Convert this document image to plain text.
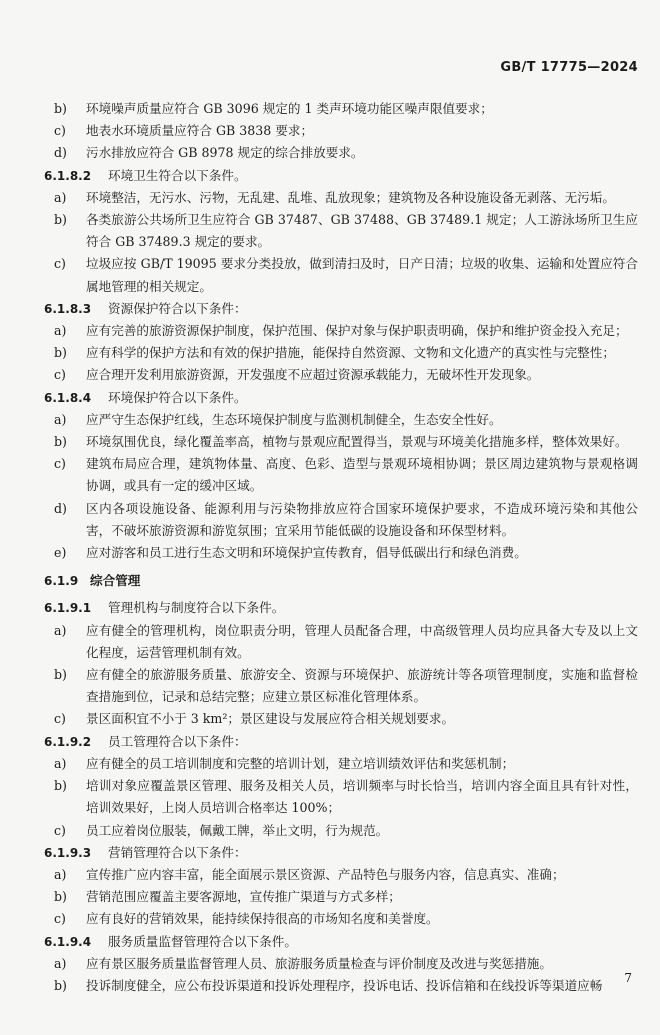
GB/T 17775—2024
b)	环境噪声质量应符合 GB 3096 规定的 1 类声环境功能区噪声限值要求；
c)	地表水环境质量应符合 GB 3838 要求；
d)	污水排放应符合 GB 8978 规定的综合排放要求。
6.1.8.2	环境卫生符合以下条件。
a)	环境整洁，无污水、污物，无乱建、乱堆、乱放现象；建筑物及各种设施设备无剥落、无污垢。
b)	各类旅游公共场所卫生应符合 GB 37487、GB 37488、GB 37489.1 规定；人工游泳场所卫生应符合 GB 37489.3 规定的要求。
c)	垃圾应按 GB/T 19095 要求分类投放，做到清扫及时，日产日清；垃圾的收集、运输和处置应符合属地管理的相关规定。
6.1.8.3	资源保护符合以下条件：
a)	应有完善的旅游资源保护制度，保护范围、保护对象与保护职责明确，保护和维护资金投入充足；
b)	应有科学的保护方法和有效的保护措施，能保持自然资源、文物和文化遗产的真实性与完整性；
c)	应合理开发利用旅游资源，开发强度不应超过资源承载能力，无破坏性开发现象。
6.1.8.4	环境保护符合以下条件。
a)	应严守生态保护红线，生态环境保护制度与监测机制健全，生态安全性好。
b)	环境氛围优良，绿化覆盖率高，植物与景观应配置得当，景观与环境美化措施多样，整体效果好。
c)	建筑布局应合理，建筑物体量、高度、色彩、造型与景观环境相协调；景区周边建筑物与景观格调协调，或具有一定的缓冲区域。
d)	区内各项设施设备、能源利用与污染物排放应符合国家环境保护要求，不造成环境污染和其他公害，不破坏旅游资源和游览氛围；宜采用节能低碳的设施设备和环保型材料。
e)	应对游客和员工进行生态文明和环境保护宣传教育，倡导低碳出行和绿色消费。
6.1.9 综合管理
6.1.9.1	管理机构与制度符合以下条件。
a)	应有健全的管理机构，岗位职责分明，管理人员配备合理，中高级管理人员均应具备大专及以上文化程度，运营管理机制有效。
b)	应有健全的旅游服务质量、旅游安全、资源与环境保护、旅游统计等各项管理制度，实施和监督检查措施到位，记录和总结完整；应建立景区标准化管理体系。
c)	景区面积宜不小于 3 km²；景区建设与发展应符合相关规划要求。
6.1.9.2	员工管理符合以下条件：
a)	应有健全的员工培训制度和完整的培训计划，建立培训绩效评估和奖惩机制；
b)	培训对象应覆盖景区管理、服务及相关人员，培训频率与时长恰当，培训内容全面且具有针对性，培训效果好，上岗人员培训合格率达 100%；
c)	员工应着岗位服装，佩戴工牌，举止文明，行为规范。
6.1.9.3	营销管理符合以下条件：
a)	宣传推广应内容丰富，能全面展示景区资源、产品特色与服务内容，信息真实、准确；
b)	营销范围应覆盖主要客源地，宣传推广渠道与方式多样；
c)	应有良好的营销效果，能持续保持很高的市场知名度和美誉度。
6.1.9.4	服务质量监督管理符合以下条件。
a)	应有景区服务质量监督管理人员、旅游服务质量检查与评价制度及改进与奖惩措施。
b)	投诉制度健全，应公布投诉渠道和投诉处理程序，投诉电话、投诉信箱和在线投诉等渠道应畅	7
